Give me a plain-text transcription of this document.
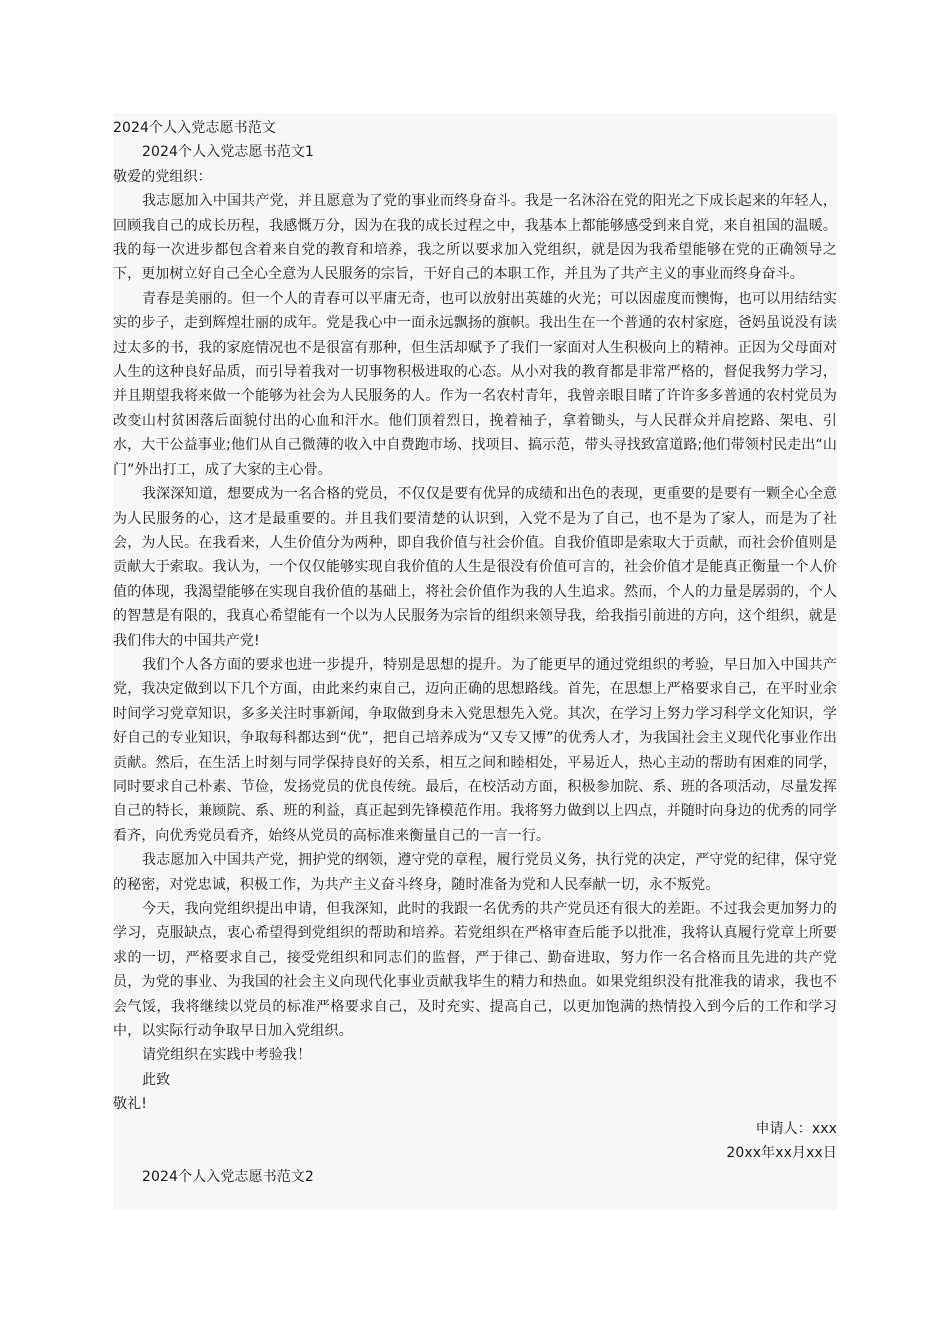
2024个人入党志愿书范文

2024个人入党志愿书范文1

敬爱的党组织：

我志愿加入中国共产党，并且愿意为了党的事业而终身奋斗。我是一名沐浴在党的阳光之下成长起来的年轻人，回顾我自己的成长历程，我感慨万分，因为在我的成长过程之中，我基本上都能够感受到来自党，来自祖国的温暖。我的每一次进步都包含着来自党的教育和培养，我之所以要求加入党组织，就是因为我希望能够在党的正确领导之下，更加树立好自己全心全意为人民服务的宗旨，干好自己的本职工作，并且为了共产主义的事业而终身奋斗。

青春是美丽的。但一个人的青春可以平庸无奇，也可以放射出英雄的火光；可以因虚度而懊悔，也可以用结结实实的步子，走到辉煌壮丽的成年。党是我心中一面永远飘扬的旗帜。我出生在一个普通的农村家庭，爸妈虽说没有读过太多的书，我的家庭情况也不是很富有那种，但生活却赋予了我们一家面对人生积极向上的精神。正因为父母面对人生的这种良好品质，而引导着我对一切事物积极进取的心态。从小对我的教育都是非常严格的，督促我努力学习，并且期望我将来做一个能够为社会为人民服务的人。作为一名农村青年，我曾亲眼目睹了许许多多普通的农村党员为改变山村贫困落后面貌付出的心血和汗水。他们顶着烈日，挽着袖子，拿着锄头，与人民群众并肩挖路、架电、引水，大干公益事业;他们从自己微薄的收入中自费跑市场、找项目、搞示范，带头寻找致富道路;他们带领村民走出“山门”外出打工，成了大家的主心骨。

我深深知道，想要成为一名合格的党员，不仅仅是要有优异的成绩和出色的表现，更重要的是要有一颗全心全意为人民服务的心，这才是最重要的。并且我们要清楚的认识到，入党不是为了自己，也不是为了家人，而是为了社会，为人民。在我看来，人生价值分为两种，即自我价值与社会价值。自我价值即是索取大于贡献，而社会价值则是贡献大于索取。我认为，一个仅仅能够实现自我价值的人生是很没有价值可言的，社会价值才是能真正衡量一个人价值的体现，我渴望能够在实现自我价值的基础上，将社会价值作为我的人生追求。然而，个人的力量是孱弱的，个人的智慧是有限的，我真心希望能有一个以为人民服务为宗旨的组织来领导我，给我指引前进的方向，这个组织，就是我们伟大的中国共产党!

我们个人各方面的要求也进一步提升，特别是思想的提升。为了能更早的通过党组织的考验，早日加入中国共产党，我决定做到以下几个方面，由此来约束自己，迈向正确的思想路线。首先，在思想上严格要求自己，在平时业余时间学习党章知识，多多关注时事新闻，争取做到身未入党思想先入党。其次，在学习上努力学习科学文化知识，学好自己的专业知识，争取每科都达到“优”，把自己培养成为“又专又博”的优秀人才，为我国社会主义现代化事业作出贡献。然后，在生活上时刻与同学保持良好的关系，相互之间和睦相处，平易近人，热心主动的帮助有困难的同学，同时要求自己朴素、节俭，发扬党员的优良传统。最后，在校活动方面，积极参加院、系、班的各项活动，尽量发挥自己的特长，兼顾院、系、班的利益，真正起到先锋模范作用。我将努力做到以上四点，并随时向身边的优秀的同学看齐，向优秀党员看齐，始终从党员的高标准来衡量自己的一言一行。

我志愿加入中国共产党，拥护党的纲领，遵守党的章程，履行党员义务，执行党的决定，严守党的纪律，保守党的秘密，对党忠诚，积极工作，为共产主义奋斗终身，随时准备为党和人民奉献一切，永不叛党。

今天，我向党组织提出申请，但我深知，此时的我跟一名优秀的共产党员还有很大的差距。不过我会更加努力的学习，克服缺点，衷心希望得到党组织的帮助和培养。若党组织在严格审查后能予以批准，我将认真履行党章上所要求的一切，严格要求自己，接受党组织和同志们的监督，严于律己、勤奋进取，努力作一名合格而且先进的共产党员，为党的事业、为我国的社会主义向现代化事业贡献我毕生的精力和热血。如果党组织没有批准我的请求，我也不会气馁，我将继续以党员的标准严格要求自己，及时充实、提高自己，以更加饱满的热情投入到今后的工作和学习中，以实际行动争取早日加入党组织。

请党组织在实践中考验我！

此致

敬礼!

申请人：xxx

20xx年xx月xx日

2024个人入党志愿书范文2
